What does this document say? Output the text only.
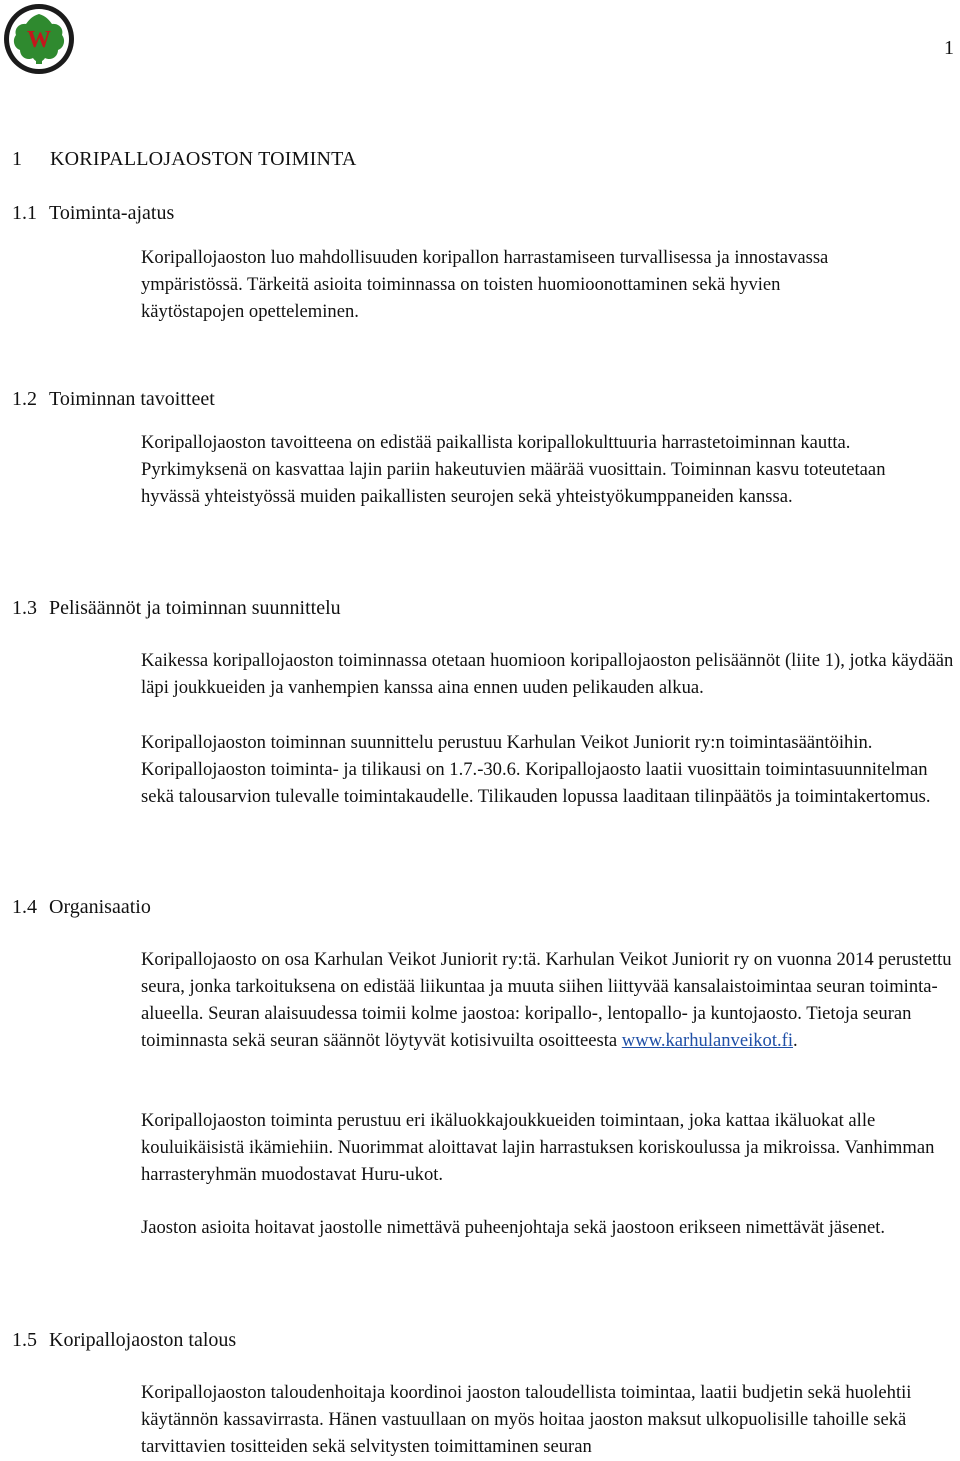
W	1
1 KORIPALLOJAOSTON TOIMINTA
1.1 Toiminta-ajatus

Koripallojaoston luo mahdollisuuden koripallon harrastamiseen turvallisessa ja innostavassa ympäristössä. Tärkeitä asioita toiminnassa on toisten huomioonottaminen sekä hyvien käytöstapojen opetteleminen.

1.2 Toiminnan tavoitteet

Koripallojaoston tavoitteena on edistää paikallista koripallokulttuuria harrastetoiminnan kautta. Pyrkimyksenä on kasvattaa lajin pariin hakeutuvien määrää vuosittain. Toiminnan kasvu toteutetaan hyvässä yhteistyössä muiden paikallisten seurojen sekä yhteistyökumppaneiden kanssa.

1.3 Pelisäännöt ja toiminnan suunnittelu

Kaikessa koripallojaoston toiminnassa otetaan huomioon koripallojaoston pelisäännöt (liite 1), jotka käydään läpi joukkueiden ja vanhempien kanssa aina ennen uuden pelikauden alkua.

Koripallojaoston toiminnan suunnittelu perustuu Karhulan Veikot Juniorit ry:n toimintasääntöihin. Koripallojaoston toiminta- ja tilikausi on 1.7.-30.6. Koripallojaosto laatii vuosittain toimintasuunnitelman sekä talousarvion tulevalle toimintakaudelle. Tilikauden lopussa laaditaan tilinpäätös ja toimintakertomus.

1.4 Organisaatio

Koripallojaosto on osa Karhulan Veikot Juniorit ry:tä. Karhulan Veikot Juniorit ry on vuonna 2014 perustettu seura, jonka tarkoituksena on edistää liikuntaa ja muuta siihen liittyvää kansalaistoimintaa seuran toiminta-alueella. Seuran alaisuudessa toimii kolme jaostoa: koripallo-, lentopallo- ja kuntojaosto. Tietoja seuran toiminnasta sekä seuran säännöt löytyvät kotisivuilta osoitteesta www.karhulanveikot.fi.

Koripallojaoston toiminta perustuu eri ikäluokkajoukkueiden toimintaan, joka kattaa ikäluokat alle kouluikäisistä ikämiehiin. Nuorimmat aloittavat lajin harrastuksen koriskoulussa ja mikroissa. Vanhimman harrasteryhmän muodostavat Huru-ukot.

Jaoston asioita hoitavat jaostolle nimettävä puheenjohtaja sekä jaostoon erikseen nimettävät jäsenet.

1.5 Koripallojaoston talous

Koripallojaoston taloudenhoitaja koordinoi jaoston taloudellista toimintaa, laatii budjetin sekä huolehtii käytännön kassavirrasta. Hänen vastuullaan on myös hoitaa jaoston maksut ulkopuolisille tahoille sekä tarvittavien tositteiden sekä selvitysten toimittaminen seuran
